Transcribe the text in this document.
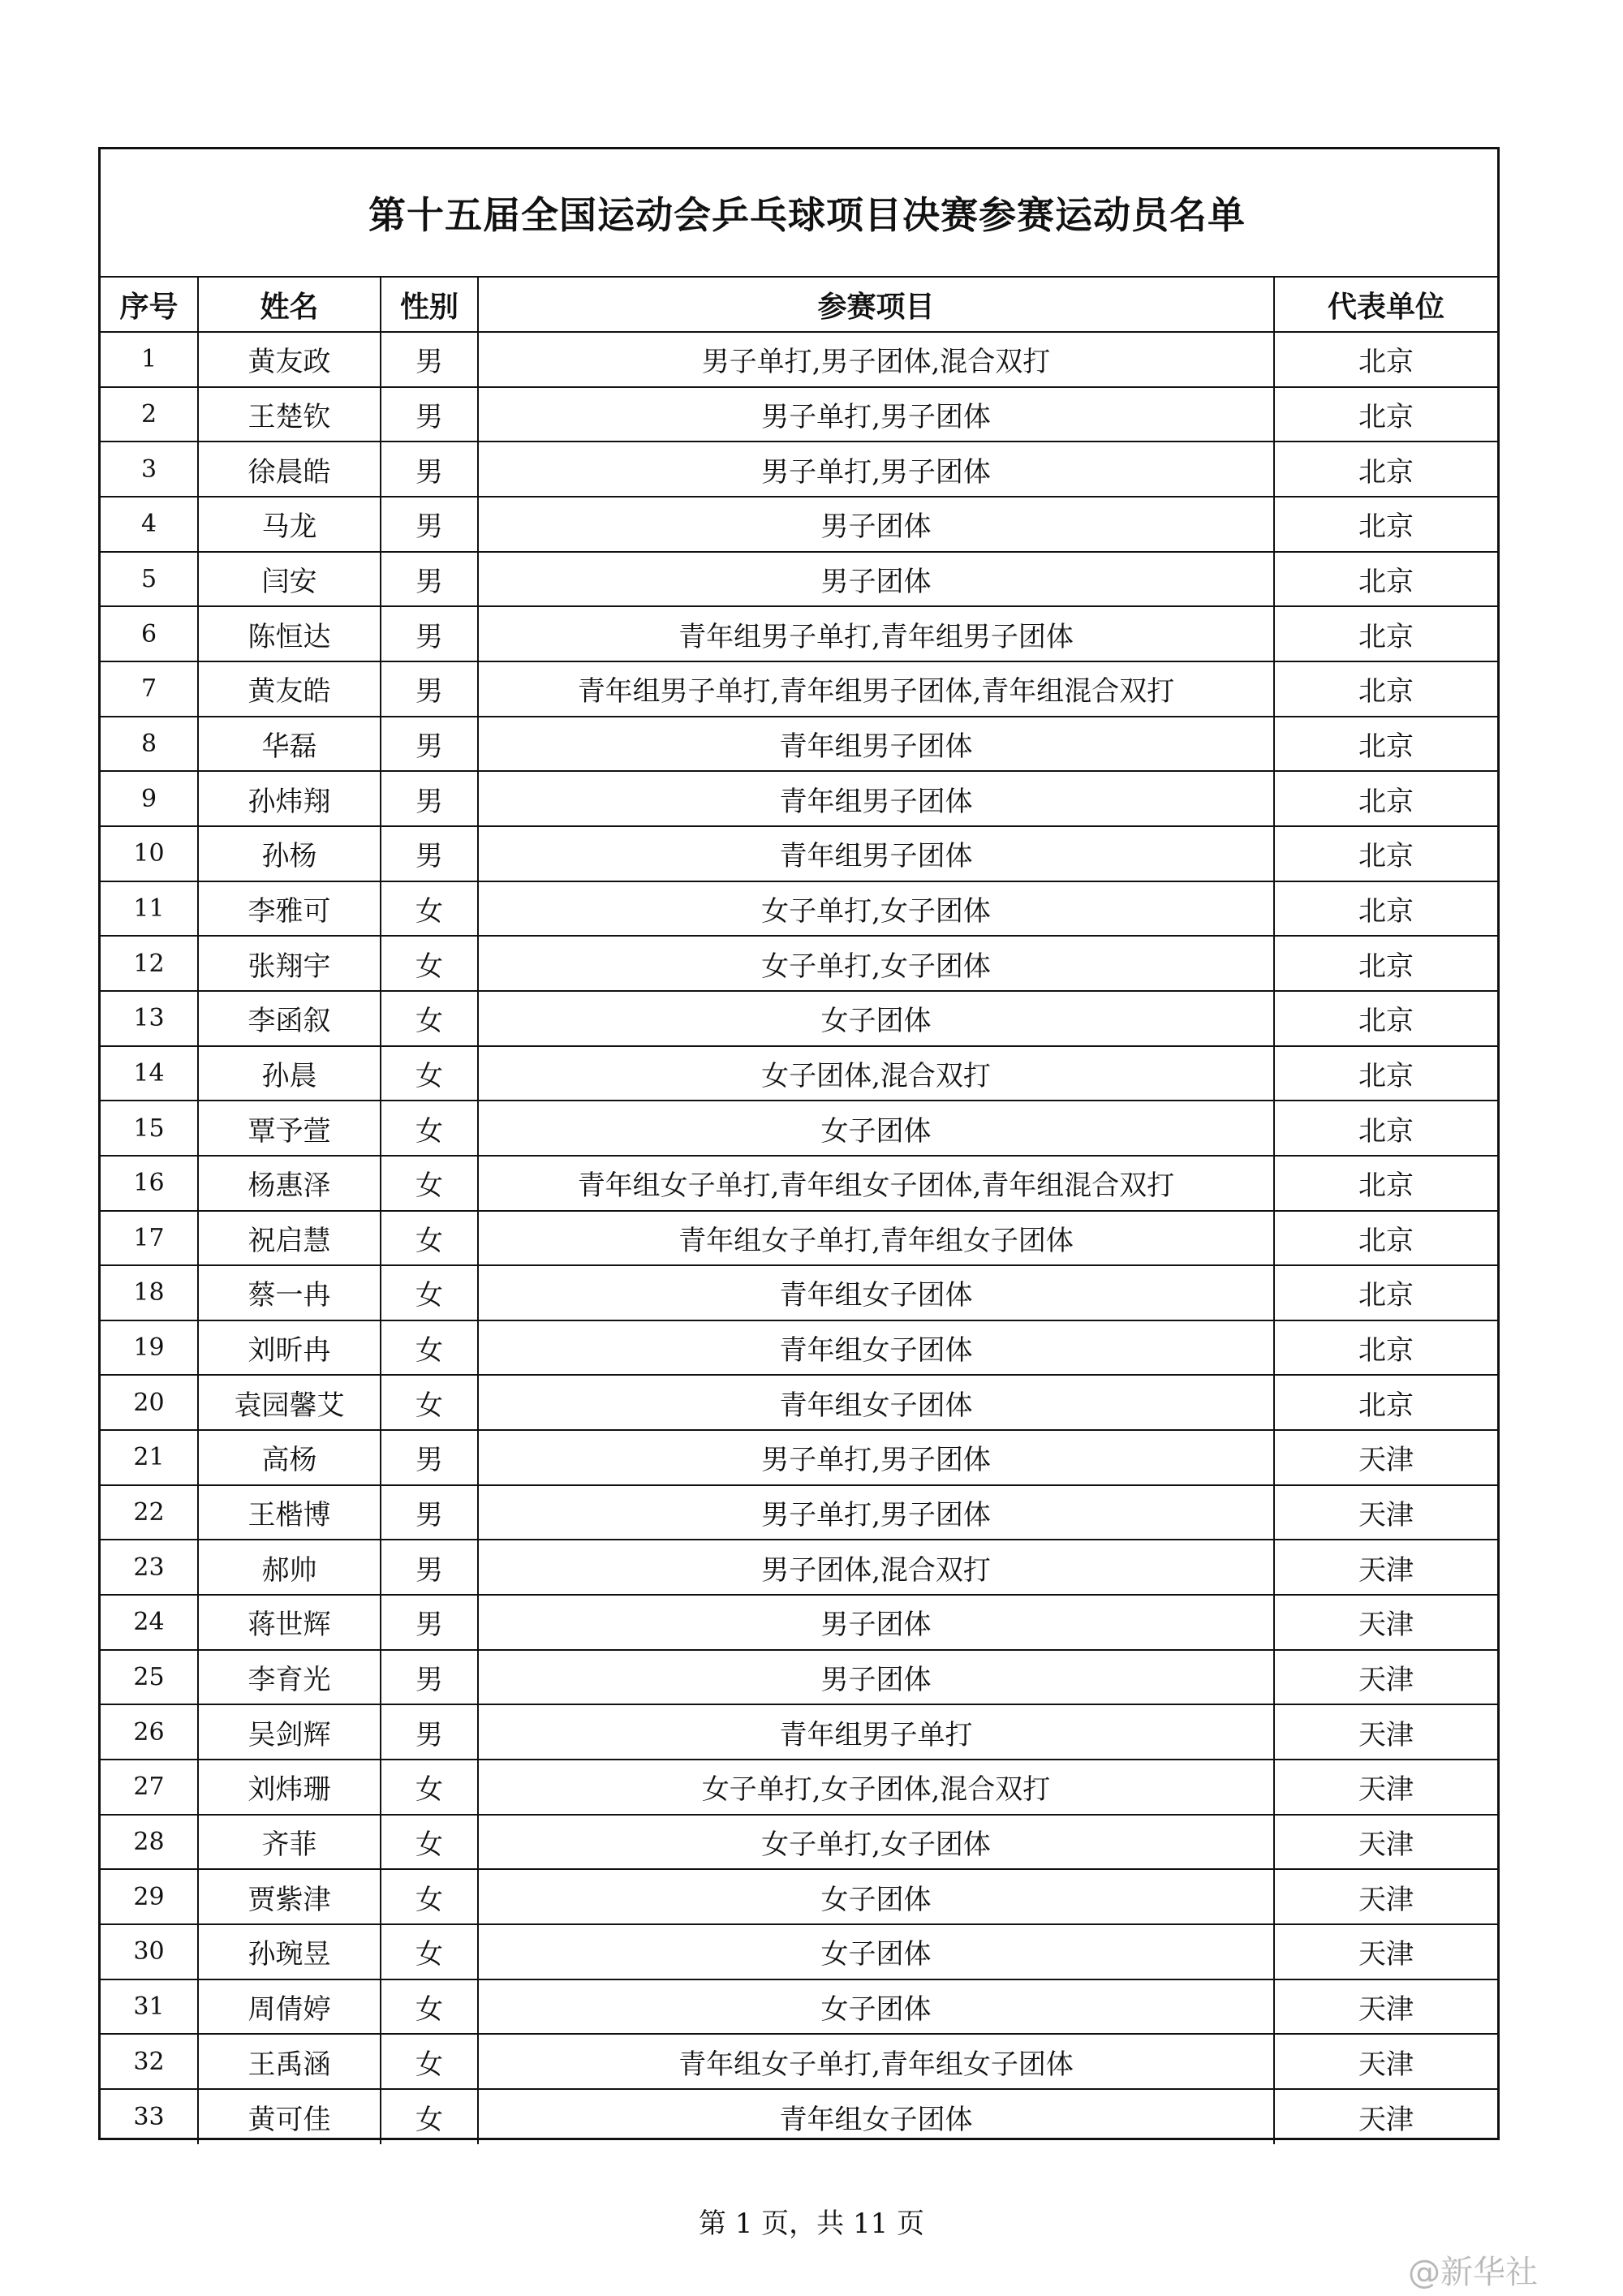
第十五届全国运动会乒乓球项目决赛参赛运动员名单
序号	姓名	性别	参赛项目	代表单位
1	黄友政	男	男子单打,男子团体,混合双打	北京
2	王楚钦	男	男子单打,男子团体	北京
3	徐晨皓	男	男子单打,男子团体	北京
4	马龙	男	男子团体	北京
5	闫安	男	男子团体	北京
6	陈恒达	男	青年组男子单打,青年组男子团体	北京
7	黄友皓	男	青年组男子单打,青年组男子团体,青年组混合双打	北京
8	华磊	男	青年组男子团体	北京
9	孙炜翔	男	青年组男子团体	北京
10	孙杨	男	青年组男子团体	北京
11	李雅可	女	女子单打,女子团体	北京
12	张翔宇	女	女子单打,女子团体	北京
13	李函叙	女	女子团体	北京
14	孙晨	女	女子团体,混合双打	北京
15	覃予萱	女	女子团体	北京
16	杨惠泽	女	青年组女子单打,青年组女子团体,青年组混合双打	北京
17	祝启慧	女	青年组女子单打,青年组女子团体	北京
18	蔡一冉	女	青年组女子团体	北京
19	刘昕冉	女	青年组女子团体	北京
20	袁园馨艾	女	青年组女子团体	北京
21	高杨	男	男子单打,男子团体	天津
22	王楷博	男	男子单打,男子团体	天津
23	郝帅	男	男子团体,混合双打	天津
24	蒋世辉	男	男子团体	天津
25	李育光	男	男子团体	天津
26	吴剑辉	男	青年组男子单打	天津
27	刘炜珊	女	女子单打,女子团体,混合双打	天津
28	齐菲	女	女子单打,女子团体	天津
29	贾紫津	女	女子团体	天津
30	孙琬昱	女	女子团体	天津
31	周倩婷	女	女子团体	天津
32	王禹涵	女	青年组女子单打,青年组女子团体	天津
33	黄可佳	女	青年组女子团体	天津
第 1 页，共 11 页
@新华社
